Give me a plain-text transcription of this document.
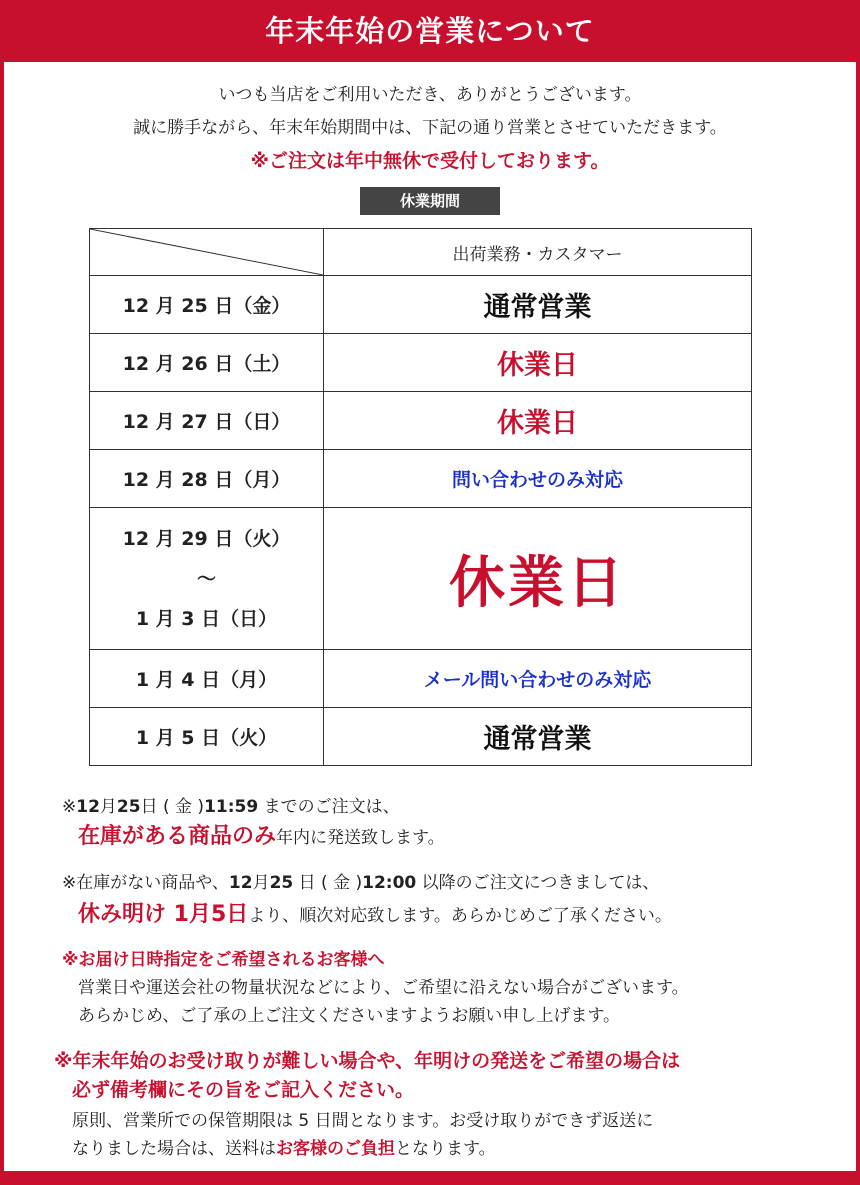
年末年始の営業について
いつも当店をご利用いただき、ありがとうございます。
誠に勝手ながら、年末年始期間中は、下記の通り営業とさせていただきます。
※ご注文は年中無休で受付しております。
休業期間
	出荷業務・カスタマー
12 月 25 日（金）	通常営業
12 月 26 日（土）	休業日
12 月 27 日（日）	休業日
12 月 28 日（月）	問い合わせのみ対応

12 月 29 日（火）
～
1 月 3 日（日）	休業日
1 月 4 日（月）	メール問い合わせのみ対応
1 月 5 日（火）	通常営業
※12月25日 ( 金 )11:59 までのご注文は、
在庫がある商品のみ年内に発送致します。
※在庫がない商品や、12月25 日 ( 金 )12:00 以降のご注文につきましては、
休み明け 1月5日より、順次対応致します。あらかじめご了承ください。
※お届け日時指定をご希望されるお客様へ
営業日や運送会社の物量状況などにより、ご希望に沿えない場合がございます。
あらかじめ、ご了承の上ご注文くださいますようお願い申し上げます。
※年末年始のお受け取りが難しい場合や、年明けの発送をご希望の場合は
必ず備考欄にその旨をご記入ください。
原則、営業所での保管期限は 5 日間となります。お受け取りができず返送に
なりました場合は、送料はお客様のご負担となります。
